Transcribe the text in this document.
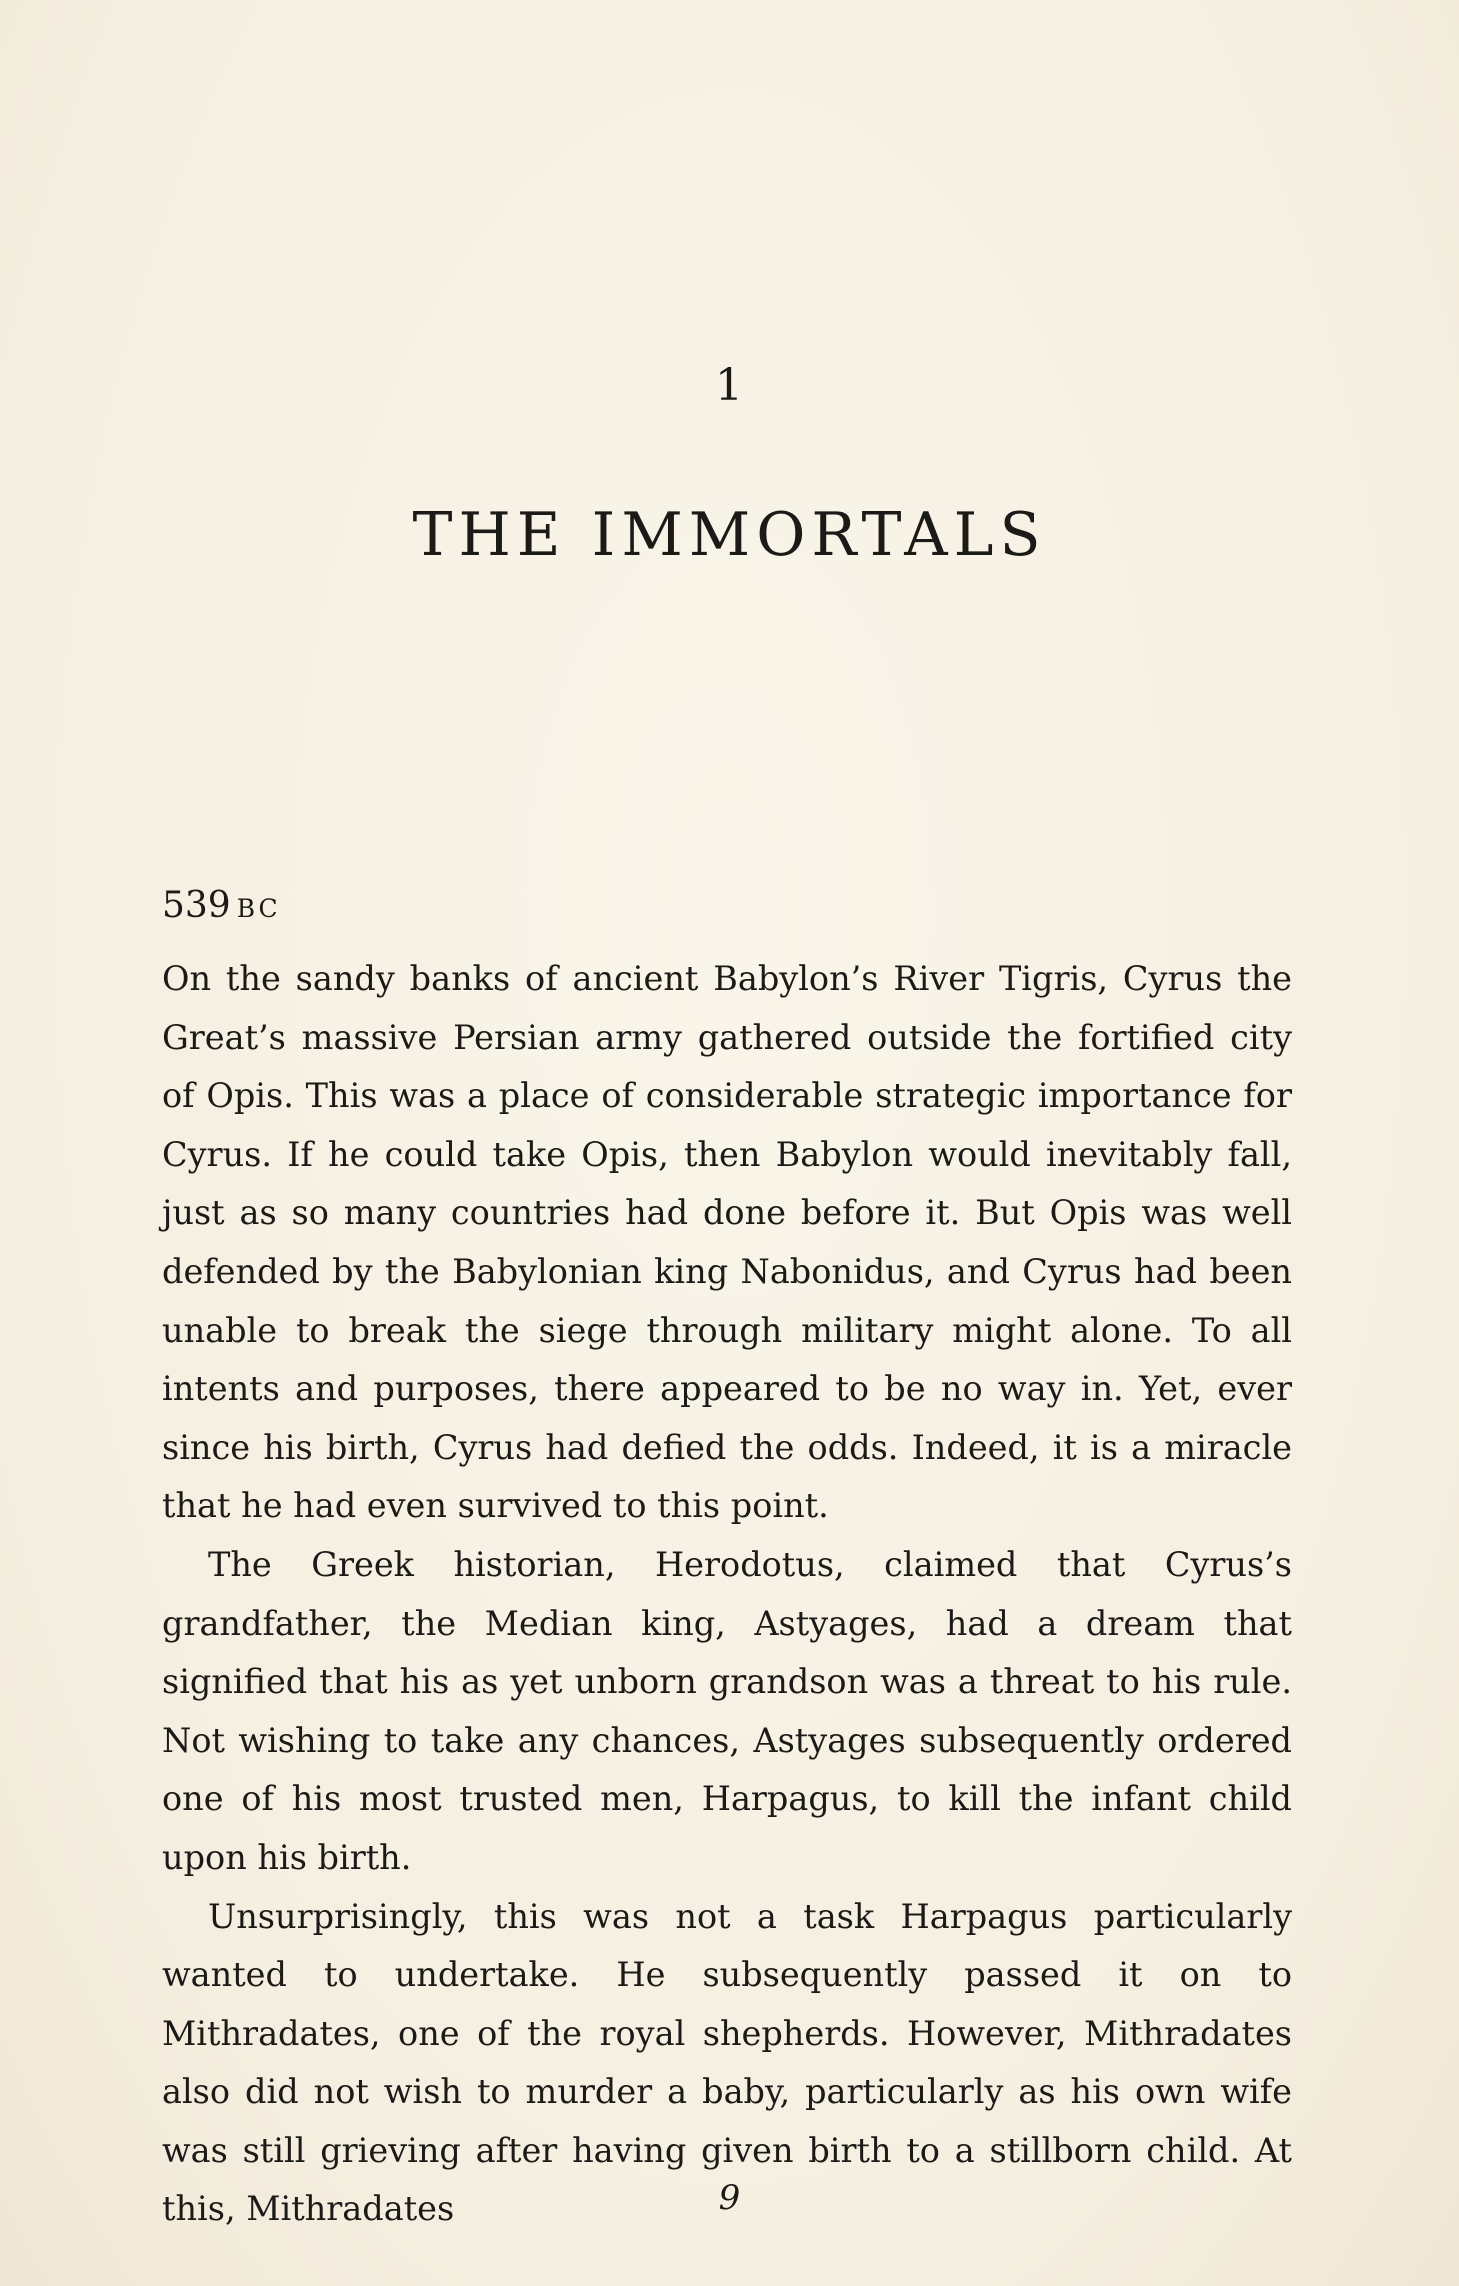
1
THE IMMORTALS
539 BC

On the sandy banks of ancient Babylon’s River Tigris, Cyrus the Great’s massive Persian army gathered outside the fortified city of Opis. This was a place of considerable strategic importance for Cyrus. If he could take Opis, then Babylon would inevitably fall, just as so many countries had done before it. But Opis was well defended by the Babylonian king Nabonidus, and Cyrus had been unable to break the siege through military might alone. To all intents and purposes, there appeared to be no way in. Yet, ever since his birth, Cyrus had defied the odds. Indeed, it is a miracle that he had even survived to this point.

The Greek historian, Herodotus, claimed that Cyrus’s grandfather, the Median king, Astyages, had a dream that signified that his as yet unborn grandson was a threat to his rule. Not wishing to take any chances, Astyages subsequently ordered one of his most trusted men, Harpagus, to kill the infant child upon his birth.

Unsurprisingly, this was not a task Harpagus particularly wanted to undertake. He subsequently passed it on to Mithradates, one of the royal shepherds. However, Mithradates also did not wish to murder a baby, particularly as his own wife was still grieving after having given birth to a stillborn child. At this, Mithradates	9
